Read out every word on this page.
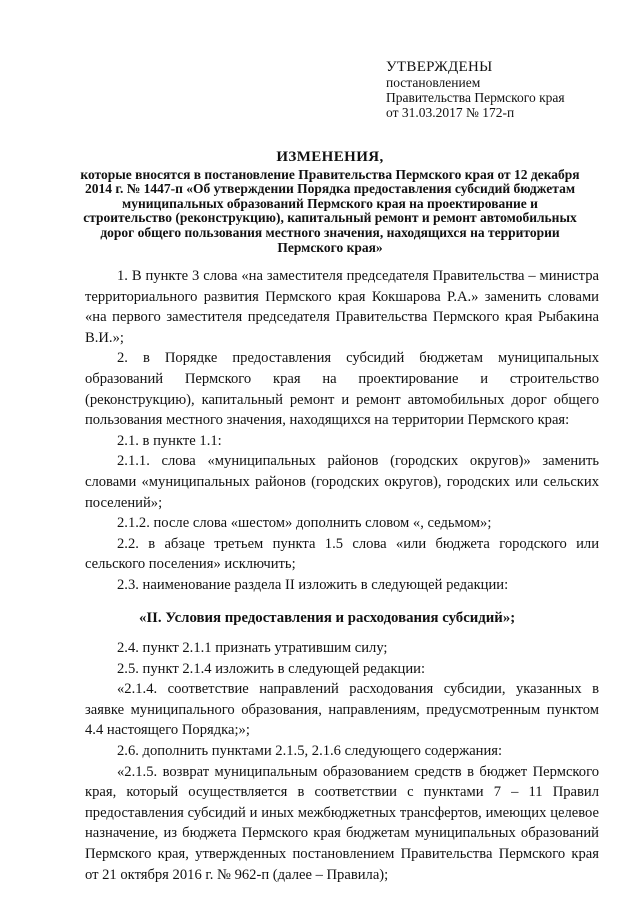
УТВЕРЖДЕНЫ
постановлением
Правительства Пермского края
от 31.03.2017 № 172-п
ИЗМЕНЕНИЯ,
которые вносятся в постановление Правительства Пермского края от 12 декабря 2014 г. № 1447-п «Об утверждении Порядка предоставления субсидий бюджетам муниципальных образований Пермского края на проектирование и строительство (реконструкцию), капитальный ремонт и ремонт автомобильных дорог общего пользования местного значения, находящихся на территории Пермского края»

1. В пункте 3 слова «на заместителя председателя Правительства – министра территориального развития Пермского края Кокшарова Р.А.» заменить словами «на первого заместителя председателя Правительства Пермского края Рыбакина В.И.»;

2. в Порядке предоставления субсидий бюджетам муниципальных образований Пермского края на проектирование и строительство (реконструкцию), капитальный ремонт и ремонт автомобильных дорог общего пользования местного значения, находящихся на территории Пермского края:

2.1. в пункте 1.1:

2.1.1. слова «муниципальных районов (городских округов)» заменить словами «муниципальных районов (городских округов), городских или сельских поселений»;

2.1.2. после слова «шестом» дополнить словом «, седьмом»;

2.2. в абзаце третьем пункта 1.5 слова «или бюджета городского или сельского поселения» исключить;

2.3. наименование раздела II изложить в следующей редакции:

«II. Условия предоставления и расходования субсидий»;

2.4. пункт 2.1.1 признать утратившим силу;

2.5. пункт 2.1.4 изложить в следующей редакции:

«2.1.4. соответствие направлений расходования субсидии, указанных в заявке муниципального образования, направлениям, предусмотренным пунктом 4.4 настоящего Порядка;»;

2.6. дополнить пунктами 2.1.5, 2.1.6 следующего содержания:

«2.1.5. возврат муниципальным образованием средств в бюджет Пермского края, который осуществляется в соответствии с пунктами 7 – 11 Правил предоставления субсидий и иных межбюджетных трансфертов, имеющих целевое назначение, из бюджета Пермского края бюджетам муниципальных образований Пермского края, утвержденных постановлением Правительства Пермского края от 21 октября 2016 г. № 962-п (далее – Правила);
